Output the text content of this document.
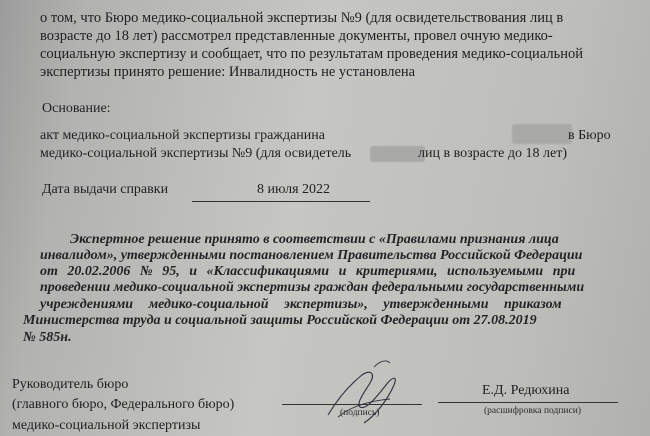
о том, что Бюро медико-социальной экспертизы №9 (для освидетельствования лиц в
возрасте до 18 лет) рассмотрел представленные документы, провел очную медико-
социальную экспертизу и сообщает, что по результатам проведения медико-социальной
экспертизы принято решение: Инвалидность не установлена
Основание:
акт медико-социальной экспертизы гражданина	в Бюро
медико-социальной экспертизы №9 (для освидетель	лиц в возрасте до 18 лет)
Дата выдачи справки	8 июля 2022
Экспертное решение принято в соответствии с «Правилами признания лица
инвалидом», утвержденными постановлением Правительства Российской Федерации
от 20.02.2006 № 95, и «Классификациями и критериями, используемыми при
проведении медико-социальной экспертизы граждан федеральными государственными
учреждениями медико-социальной экспертизы», утвержденными приказом
Министерства труда и социальной защиты Российской Федерации от 27.08.2019
№ 585н.
Руководитель бюро
(главного бюро, Федерального бюро)
медико-социальной экспертизы
(подпись)
Е.Д. Редюхина
(расшифровка подписи)
